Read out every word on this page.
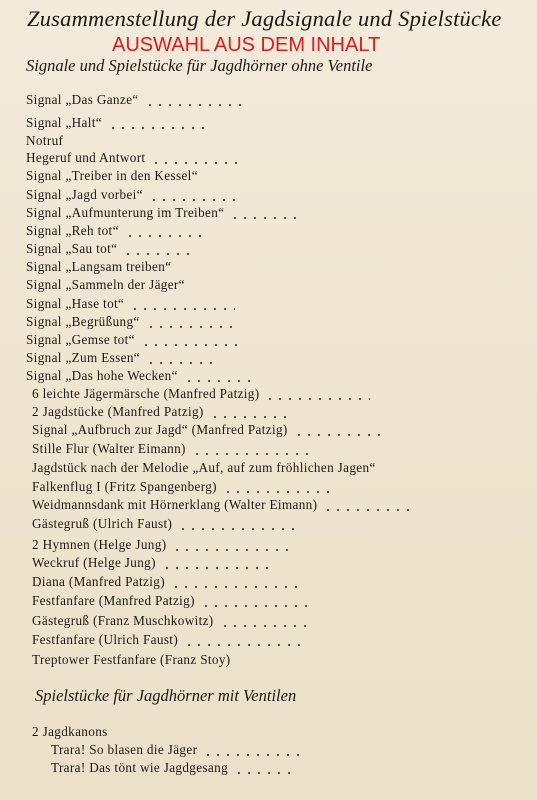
Zusammenstellung der Jagdsignale und Spielstücke
AUSWAHL AUS DEM INHALT
Signale und Spielstücke für Jagdhörner ohne Ventile
Signal „Das Ganze“
Signal „Halt“
Notruf
Hegeruf und Antwort
Signal „Treiber in den Kessel“
Signal „Jagd vorbei“
Signal „Aufmunterung im Treiben“
Signal „Reh tot“
Signal „Sau tot“
Signal „Langsam treiben“
Signal „Sammeln der Jäger“
Signal „Hase tot“
Signal „Begrüßung“
Signal „Gemse tot“
Signal „Zum Essen“
Signal „Das hohe Wecken“
6 leichte Jägermärsche (Manfred Patzig)
2 Jagdstücke (Manfred Patzig)
Signal „Aufbruch zur Jagd“ (Manfred Patzig)
Stille Flur (Walter Eimann)
Jagdstück nach der Melodie „Auf, auf zum fröhlichen Jagen“
Falkenflug I (Fritz Spangenberg)
Weidmannsdank mit Hörnerklang (Walter Eimann)
Gästegruß (Ulrich Faust)
2 Hymnen (Helge Jung)
Weckruf (Helge Jung)
Diana (Manfred Patzig)
Festfanfare (Manfred Patzig)
Gästegruß (Franz Muschkowitz)
Festfanfare (Ulrich Faust)
Treptower Festfanfare (Franz Stoy)
Spielstücke für Jagdhörner mit Ventilen
2 Jagdkanons
Trara! So blasen die Jäger
Trara! Das tönt wie Jagdgesang
